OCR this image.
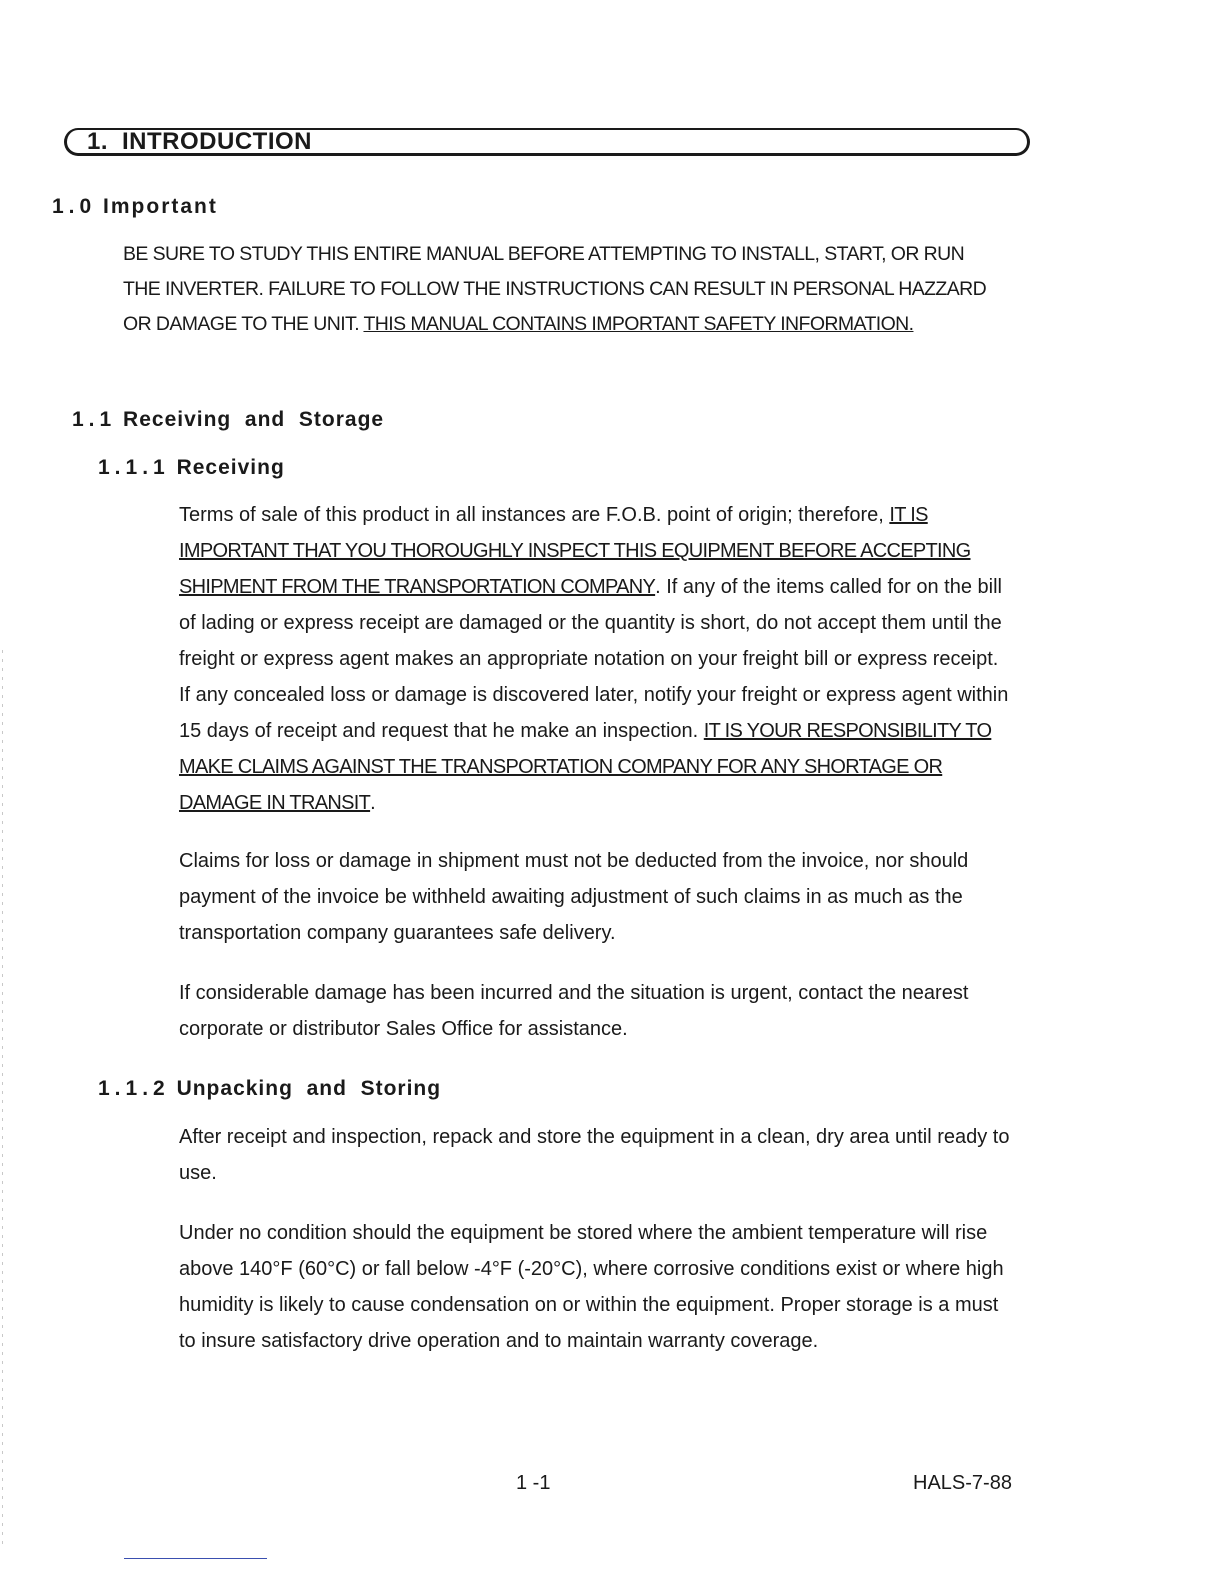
1. INTRODUCTION
1.0 Important

BE SURE TO STUDY THIS ENTIRE MANUAL BEFORE ATTEMPTING TO INSTALL, START, OR RUN THE INVERTER. FAILURE TO FOLLOW THE INSTRUCTIONS CAN RESULT IN PERSONAL HAZZARD OR DAMAGE TO THE UNIT. THIS MANUAL CONTAINS IMPORTANT SAFETY INFORMATION.

1.1 Receiving  and  Storage
1.1.1 Receiving

Terms of sale of this product in all instances are F.O.B. point of origin; therefore, IT IS IMPORTANT THAT YOU THOROUGHLY INSPECT THIS EQUIPMENT BEFORE ACCEPTING SHIPMENT FROM THE TRANSPORTATION COMPANY. If any of the items called for on the bill of lading or express receipt are damaged or the quantity is short, do not accept them until the freight or express agent makes an appropriate notation on your freight bill or express receipt. If any concealed loss or damage is discovered later, notify your freight or express agent within 15 days of receipt and request that he make an inspection. IT IS YOUR RESPONSIBILITY TO MAKE CLAIMS AGAINST THE TRANSPORTATION COMPANY FOR ANY SHORTAGE OR DAMAGE IN TRANSIT.

Claims for loss or damage in shipment must not be deducted from the invoice, nor should payment of the invoice be withheld awaiting adjustment of such claims in as much as the transportation company guarantees safe delivery.

If considerable damage has been incurred and the situation is urgent, contact the nearest corporate or distributor Sales Office for assistance.

1.1.2 Unpacking  and  Storing

After receipt and inspection, repack and store the equipment in a clean, dry area until ready to use.

Under no condition should the equipment be stored where the ambient temperature will rise above 140°F (60°C) or fall below -4°F (-20°C), where corrosive conditions exist or where high humidity is likely to cause condensation on or within the equipment. Proper storage is a must to insure satisfactory drive operation and to maintain warranty coverage.

1 -1	HALS-7-88
